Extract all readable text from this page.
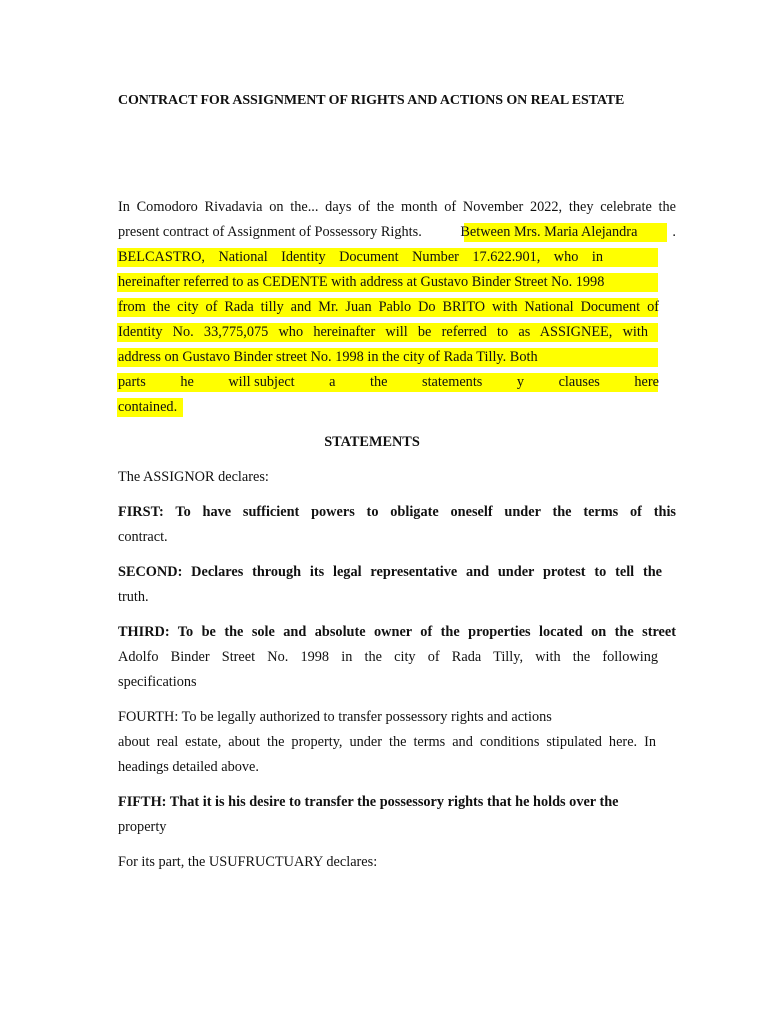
CONTRACT FOR ASSIGNMENT OF RIGHTS AND ACTIONS ON REAL ESTATE
In Comodoro Rivadavia on the... days of the month of November 2022, they celebrate the
present contract of Assignment of Possessory Rights. Between Mrs. Maria Alejandra .
BELCASTRO, National Identity Document Number 17.622.901, who in
hereinafter referred to as CEDENTE with address at Gustavo Binder Street No. 1998
from the city of Rada tilly and Mr. Juan Pablo Do BRITO with National Document of
Identity No. 33,775,075 who hereinafter will be referred to as ASSIGNEE, with
address on Gustavo Binder street No. 1998 in the city of Rada Tilly. Both
parts he will subject a the statements y clauses here
contained.
STATEMENTS
The ASSIGNOR declares:
FIRST: To have sufficient powers to obligate oneself under the terms of this
contract.
SECOND: Declares through its legal representative and under protest to tell the
truth.
THIRD: To be the sole and absolute owner of the properties located on the street
Adolfo Binder Street No. 1998 in the city of Rada Tilly, with the following
specifications
FOURTH: To be legally authorized to transfer possessory rights and actions
about real estate, about the property, under the terms and conditions stipulated here. In
headings detailed above.
FIFTH: That it is his desire to transfer the possessory rights that he holds over the
property
For its part, the USUFRUCTUARY declares:
